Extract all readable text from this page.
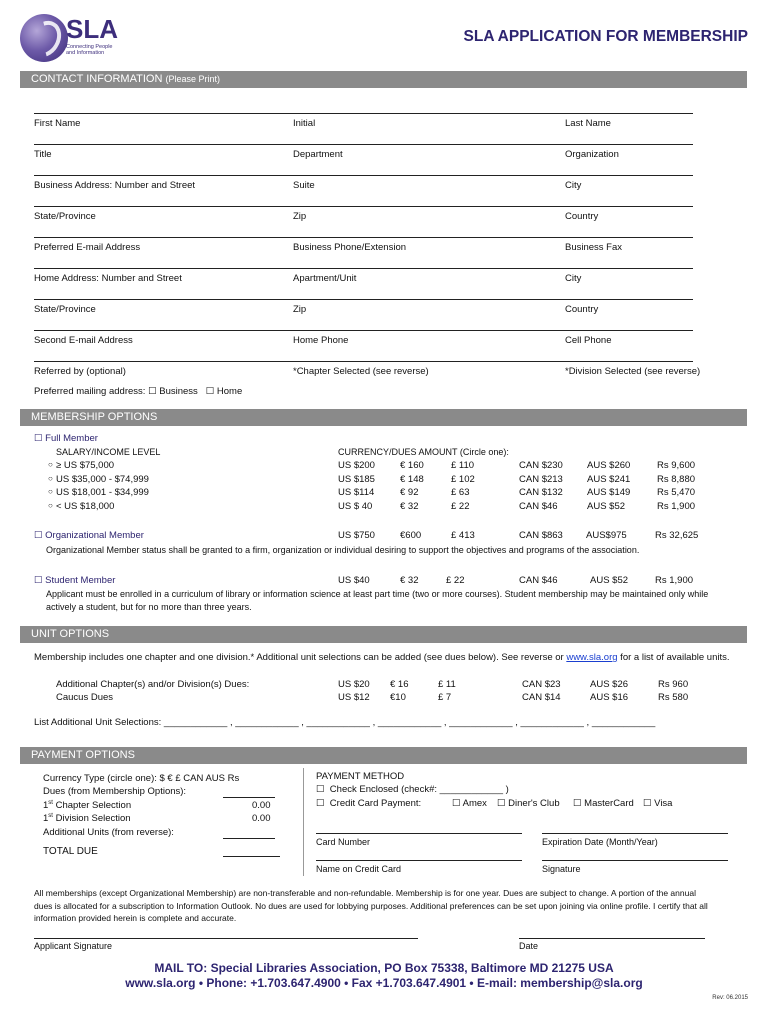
SLA
Connecting People
and Information
SLA APPLICATION FOR MEMBERSHIP
CONTACT INFORMATION (Please Print)
First Name	Initial	Last Name
Title	Department	Organization
Business Address: Number and Street	Suite	City
State/Province	Zip	Country
Preferred E-mail Address	Business Phone/Extension	Business Fax
Home Address: Number and Street	Apartment/Unit	City
State/Province	Zip	Country
Second E-mail Address	Home Phone	Cell Phone
Referred by (optional)	*Chapter Selected (see reverse)	*Division Selected (see reverse)
Preferred mailing address: ☐ Business ☐ Home
MEMBERSHIP OPTIONS
☐ Full Member
SALARY/INCOME LEVEL	CURRENCY/DUES AMOUNT (Circle one):
○ ≥ US $75,000	US $200	€ 160	£ 110	CAN $230	AUS $260	Rs 9,600
○ US $35,000 - $74,999	US $185	€ 148	£ 102	CAN $213	AUS $241	Rs 8,880
○ US $18,001 - $34,999	US $114	€ 92	£ 63	CAN $132	AUS $149	Rs 5,470
○ < US $18,000	US $ 40	€ 32	£ 22	CAN $46	AUS $52	Rs 1,900
☐ Organizational Member	US $750	€600	£ 413	CAN $863 AUS$975	Rs 32,625
Organizational Member status shall be granted to a firm, organization or individual desiring to support the objectives and programs of the association.
☐ Student Member	US $40	€ 32	£ 22	CAN $46	AUS $52	Rs 1,900
Applicant must be enrolled in a curriculum of library or information science at least part time (two or more courses). Student membership may be maintained only while
actively a student, but for no more than three years.
UNIT OPTIONS
Membership includes one chapter and one division.* Additional unit selections can be added (see dues below). See reverse or www.sla.org for a list of available units.
Additional Chapter(s) and/or Division(s) Dues:	US $20 € 16	£ 11	CAN $23	AUS $26	Rs 960
Caucus Dues	US $12 €10	£ 7	CAN $14	AUS $16	Rs 580
List Additional Unit Selections: ____________ , ____________ , ____________ , ____________ , ____________ , ____________ , ____________
PAYMENT OPTIONS
Currency Type (circle one): $ € £ CAN AUS Rs
Dues (from Membership Options):
1st Chapter Selection	0.00
1st Division Selection	0.00
Additional Units (from reverse):
TOTAL DUE
PAYMENT METHOD
☐  Check Enclosed (check#: ____________ )
☐  Credit Card Payment:	☐ Amex ☐ Diner's Club ☐ MasterCard ☐ Visa
Card Number	Expiration Date (Month/Year)
Name on Credit Card	Signature
All memberships (except Organizational Membership) are non-transferable and non-refundable. Membership is for one year. Dues are subject to change. A portion of the annual
dues is allocated for a subscription to Information Outlook. No dues are used for lobbying purposes. Additional preferences can be set upon joining via online profile. I certify that all
information provided herein is complete and accurate.
Applicant Signature	Date
MAIL TO: Special Libraries Association, PO Box 75338, Baltimore MD 21275 USA
www.sla.org • Phone: +1.703.647.4900 • Fax +1.703.647.4901 • E-mail: membership@sla.org
Rev: 06.2015
